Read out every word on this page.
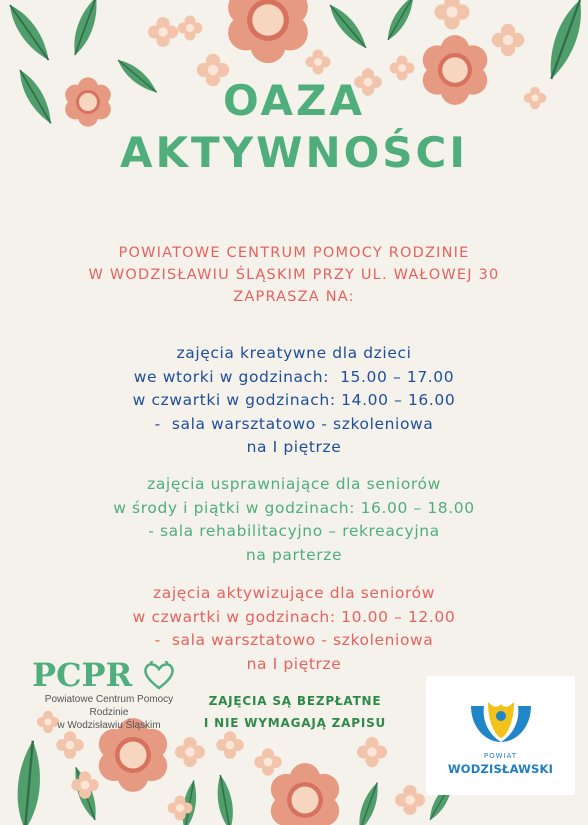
OAZA
AKTYWNOŚCI
POWIATOWE CENTRUM POMOCY RODZINIE
W WODZISŁAWIU ŚLĄSKIM PRZY UL. WAŁOWEJ 30
ZAPRASZA NA:
zajęcia kreatywne dla dzieci
we wtorki w godzinach:  15.00 – 17.00
w czwartki w godzinach: 14.00 – 16.00
-  sala warsztatowo - szkoleniowa
na I piętrze
zajęcia usprawniające dla seniorów
w środy i piątki w godzinach: 16.00 – 18.00
- sala rehabilitacyjno – rekreacyjna
na parterze
zajęcia aktywizujące dla seniorów
w czwartki w godzinach: 10.00 – 12.00
-  sala warsztatowo - szkoleniowa
na I piętrze
ZAJĘCIA SĄ BEZPŁATNE
I NIE WYMAGAJĄ ZAPISU
PCPR
Powiatowe Centrum Pomocy Rodzinie
w Wodzisławiu Śląskim
POWIAT
WODZISŁAWSKI
